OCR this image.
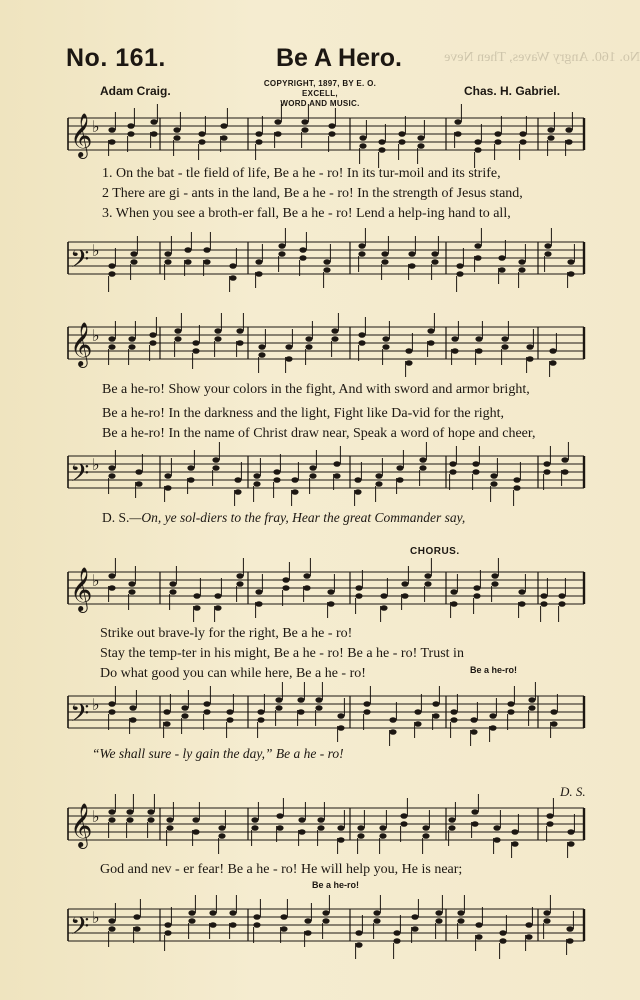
No. 160. Angry Waves, Then Neve
No. 161.	Be A Hero.
COPYRIGHT, 1897, BY E. O. EXCELL,
WORD AND MUSIC.
Adam Craig.	Chas. H. Gabriel.
𝄞 ♭
1. On the bat - tle field of life, Be a he - ro! In its tur-moil and its strife,
2 There are gi - ants in the land, Be a he - ro! In the strength of Jesus stand,
3. When you see a broth-er fall, Be a he - ro! Lend a help-ing hand to all,
𝄢 ♭
𝄞 ♭
Be a he-ro! Show your colors in the fight, And with sword and armor bright,
Be a he-ro! In the darkness and the light, Fight like Da-vid for the right,
Be a he-ro! In the name of Christ draw near, Speak a word of hope and cheer,
𝄢 ♭
D. S.—On, ye sol-diers to the fray, Hear the great Commander say,
CHORUS.
𝄞 ♭
Strike out brave-ly for the right, Be a he - ro!
Stay the temp-ter in his might, Be a he - ro! Be a he - ro! Trust in
Do what good you can while here, Be a he - ro!	Be a he-ro!
𝄢 ♭
“We shall sure - ly gain the day,” Be a he - ro!
D. S.
𝄞 ♭
God and nev - er fear! Be a he - ro! He will help you, He is near;
Be a he-ro!
𝄢 ♭
